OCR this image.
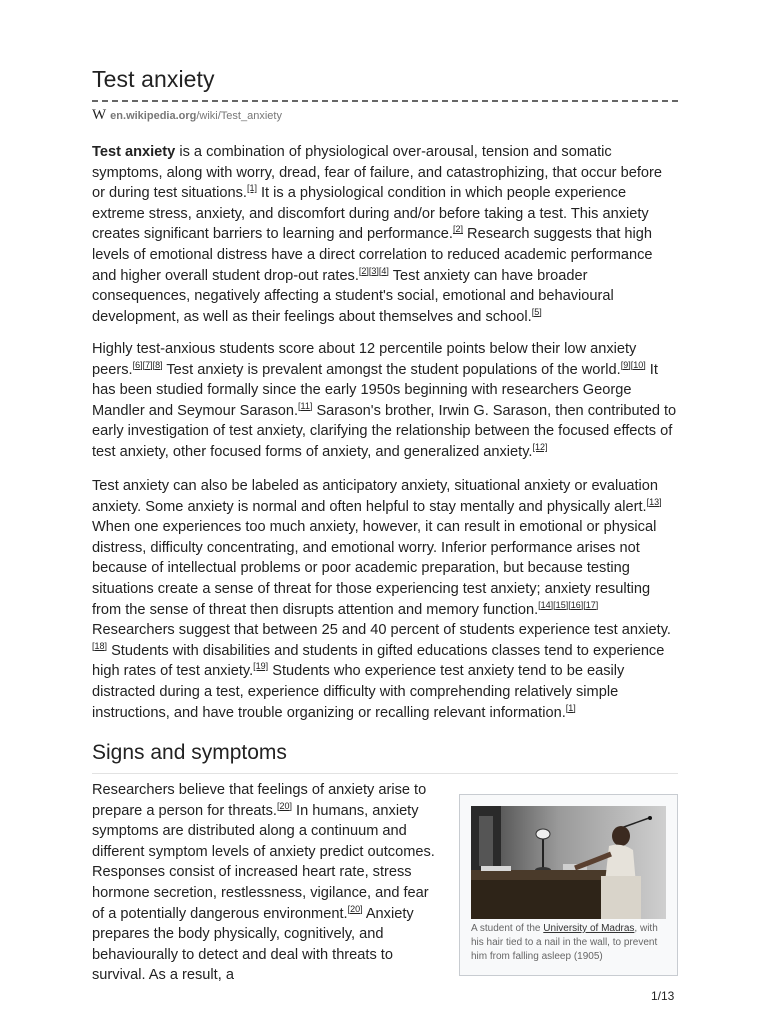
Test anxiety
W en.wikipedia.org /wiki/Test_anxiety

Test anxiety is a combination of physiological over-arousal, tension and somatic symptoms, along with worry, dread, fear of failure, and catastrophizing, that occur before or during test situations.[1] It is a physiological condition in which people experience extreme stress, anxiety, and discomfort during and/or before taking a test. This anxiety creates significant barriers to learning and performance.[2] Research suggests that high levels of emotional distress have a direct correlation to reduced academic performance and higher overall student drop-out rates.[2][3][4] Test anxiety can have broader consequences, negatively affecting a student's social, emotional and behavioural development, as well as their feelings about themselves and school.[5]

Highly test-anxious students score about 12 percentile points below their low anxiety peers.[6][7][8] Test anxiety is prevalent amongst the student populations of the world.[9][10] It has been studied formally since the early 1950s beginning with researchers George Mandler and Seymour Sarason.[11] Sarason's brother, Irwin G. Sarason, then contributed to early investigation of test anxiety, clarifying the relationship between the focused effects of test anxiety, other focused forms of anxiety, and generalized anxiety.[12]

Test anxiety can also be labeled as anticipatory anxiety, situational anxiety or evaluation anxiety. Some anxiety is normal and often helpful to stay mentally and physically alert.[13] When one experiences too much anxiety, however, it can result in emotional or physical distress, difficulty concentrating, and emotional worry. Inferior performance arises not because of intellectual problems or poor academic preparation, but because testing situations create a sense of threat for those experiencing test anxiety; anxiety resulting from the sense of threat then disrupts attention and memory function.[14][15][16][17] Researchers suggest that between 25 and 40 percent of students experience test anxiety.[18] Students with disabilities and students in gifted educations classes tend to experience high rates of test anxiety.[19] Students who experience test anxiety tend to be easily distracted during a test, experience difficulty with comprehending relatively simple instructions, and have trouble organizing or recalling relevant information.[1]

Signs and symptoms
Researchers believe that feelings of anxiety arise to prepare a person for threats.[20] In humans, anxiety symptoms are distributed along a continuum and different symptom levels of anxiety predict outcomes. Responses consist of increased heart rate, stress hormone secretion, restlessness, vigilance, and fear of a potentially dangerous environment.[20] Anxiety prepares the body physically, cognitively, and behaviourally to detect and deal with threats to survival. As a result, a
A student of the University of Madras, with his hair tied to a nail in the wall, to prevent him from falling asleep (1905)
1/13
